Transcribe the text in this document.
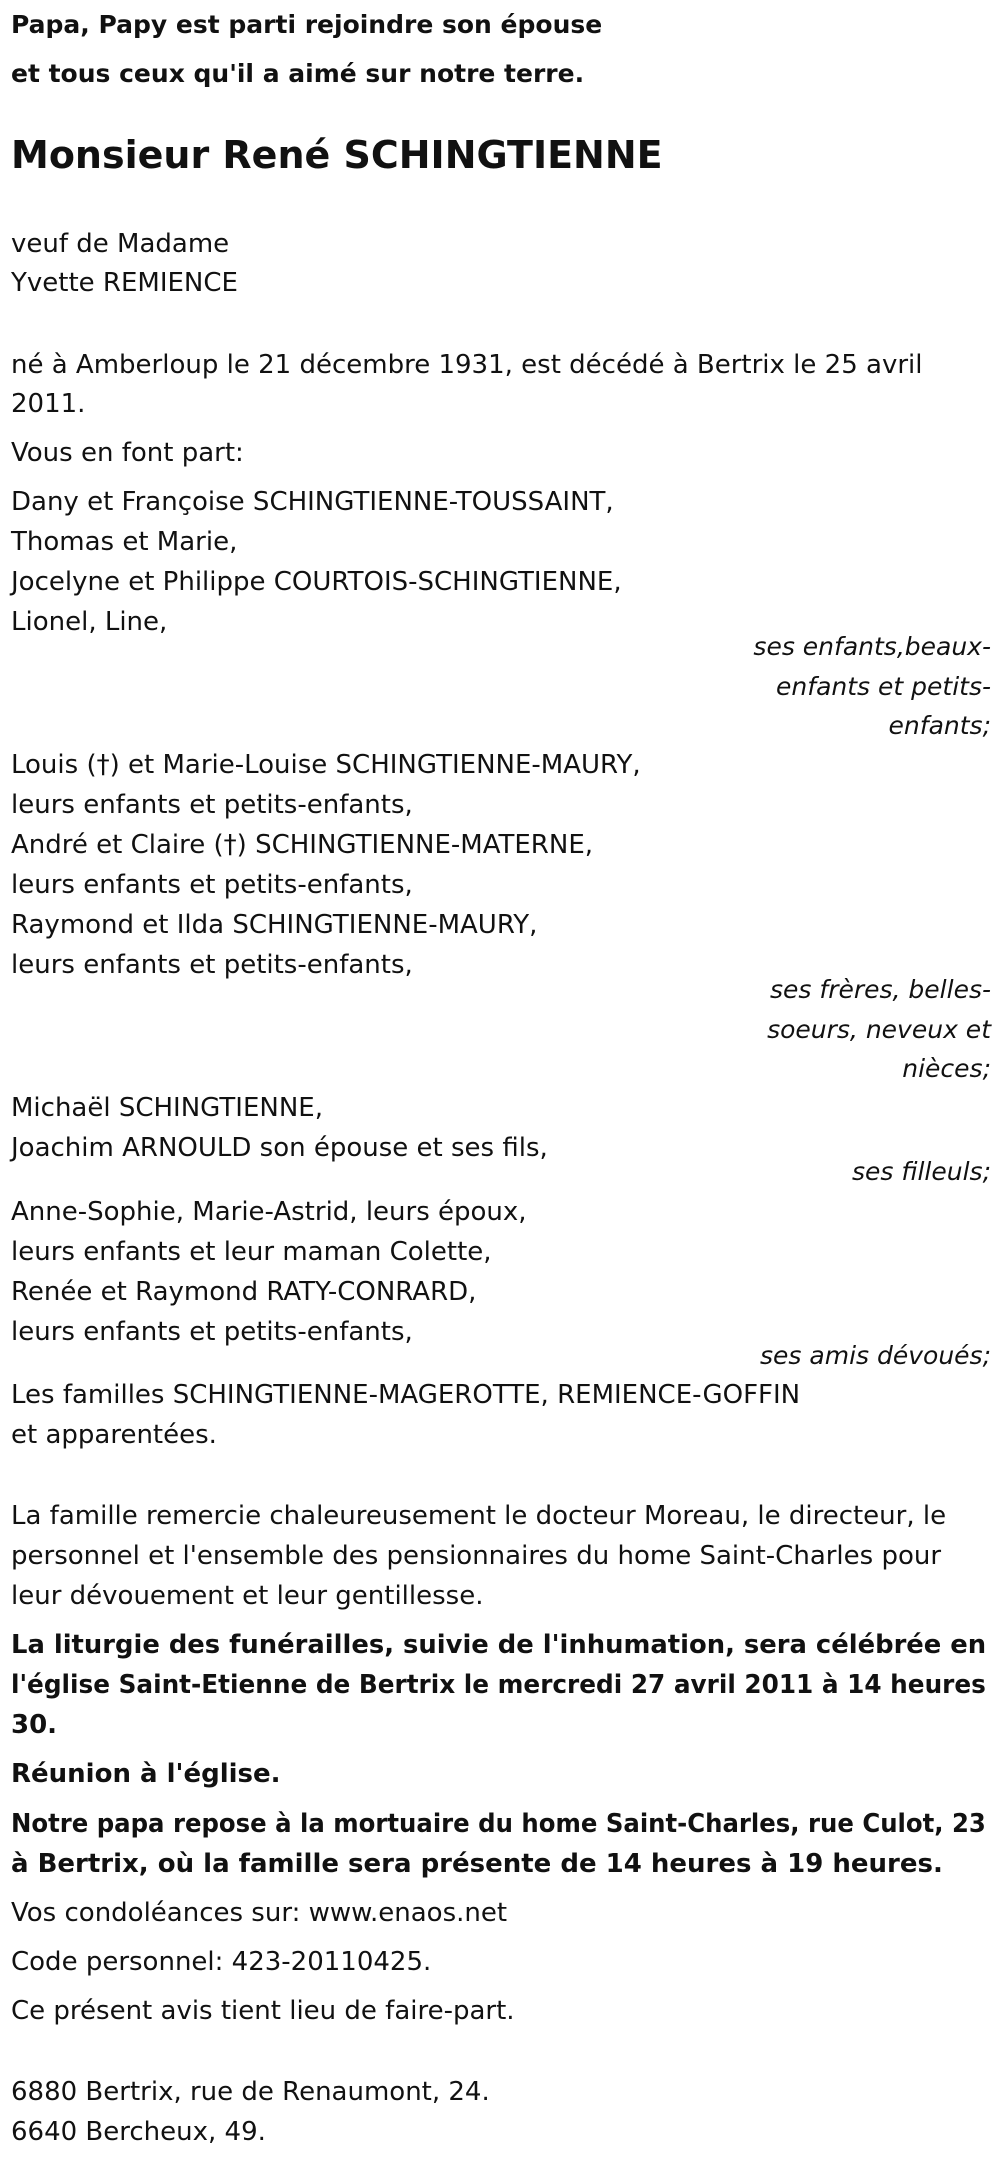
Papa, Papy est parti rejoindre son épouse

et tous ceux qu'il a aimé sur notre terre.

Monsieur René SCHINGTIENNE

veuf de Madame

Yvette REMIENCE

né à Amberloup le 21 décembre 1931, est décédé à Bertrix le 25 avril

2011.

Vous en font part:

Dany et Françoise SCHINGTIENNE-TOUSSAINT,

Thomas et Marie,

Jocelyne et Philippe COURTOIS-SCHINGTIENNE,

Lionel, Line,

ses enfants,beaux-

enfants et petits-

enfants;

Louis (†) et Marie-Louise SCHINGTIENNE-MAURY,

leurs enfants et petits-enfants,

André et Claire (†) SCHINGTIENNE-MATERNE,

leurs enfants et petits-enfants,

Raymond et Ilda SCHINGTIENNE-MAURY,

leurs enfants et petits-enfants,

ses frères, belles-

soeurs, neveux et

nièces;

Michaël SCHINGTIENNE,

Joachim ARNOULD son épouse et ses fils,

ses filleuls;

Anne-Sophie, Marie-Astrid, leurs époux,

leurs enfants et leur maman Colette,

Renée et Raymond RATY-CONRARD,

leurs enfants et petits-enfants,

ses amis dévoués;

Les familles SCHINGTIENNE-MAGEROTTE, REMIENCE-GOFFIN

et apparentées.

La famille remercie chaleureusement le docteur Moreau, le directeur, le

personnel et l'ensemble des pensionnaires du home Saint-Charles pour

leur dévouement et leur gentillesse.

La liturgie des funérailles, suivie de l'inhumation, sera célébrée en

l'église Saint-Etienne de Bertrix le mercredi 27 avril 2011 à 14 heures

30.

Réunion à l'église.

Notre papa repose à la mortuaire du home Saint-Charles, rue Culot, 23

à Bertrix, où la famille sera présente de 14 heures à 19 heures.

Vos condoléances sur: www.enaos.net

Code personnel: 423-20110425.

Ce présent avis tient lieu de faire-part.

6880 Bertrix, rue de Renaumont, 24.

6640 Bercheux, 49.
